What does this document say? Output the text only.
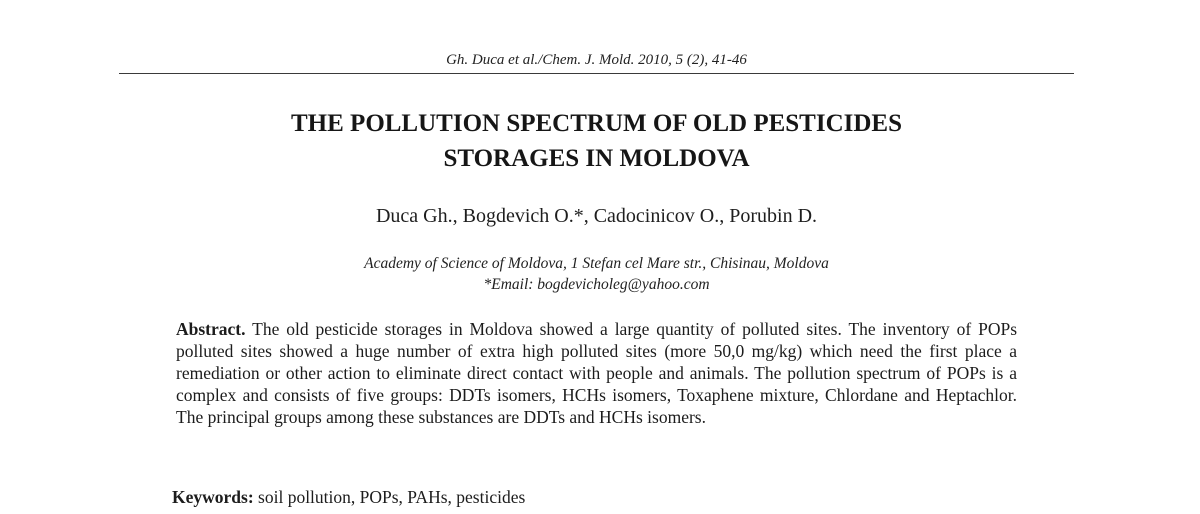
Gh. Duca et al./Chem. J. Mold. 2010, 5 (2), 41-46
THE POLLUTION SPECTRUM OF OLD PESTICIDES
STORAGES IN MOLDOVA
Duca Gh., Bogdevich O.*, Cadocinicov O., Porubin D.
Academy of Science of Moldova, 1 Stefan cel Mare str., Chisinau, Moldova
*Email: bogdevicholeg@yahoo.com
Abstract. The old pesticide storages in Moldova showed a large quantity of polluted sites. The inventory of POPs polluted sites showed a huge number of extra high polluted sites (more 50,0 mg/kg) which need the first place a remediation or other action to eliminate direct contact with people and animals. The pollution spectrum of POPs is a complex and consists of five groups: DDTs isomers, HCHs isomers, Toxaphene mixture, Chlordane and Heptachlor. The principal groups among these substances are DDTs and HCHs isomers.
Keywords: soil pollution, POPs, PAHs, pesticides
